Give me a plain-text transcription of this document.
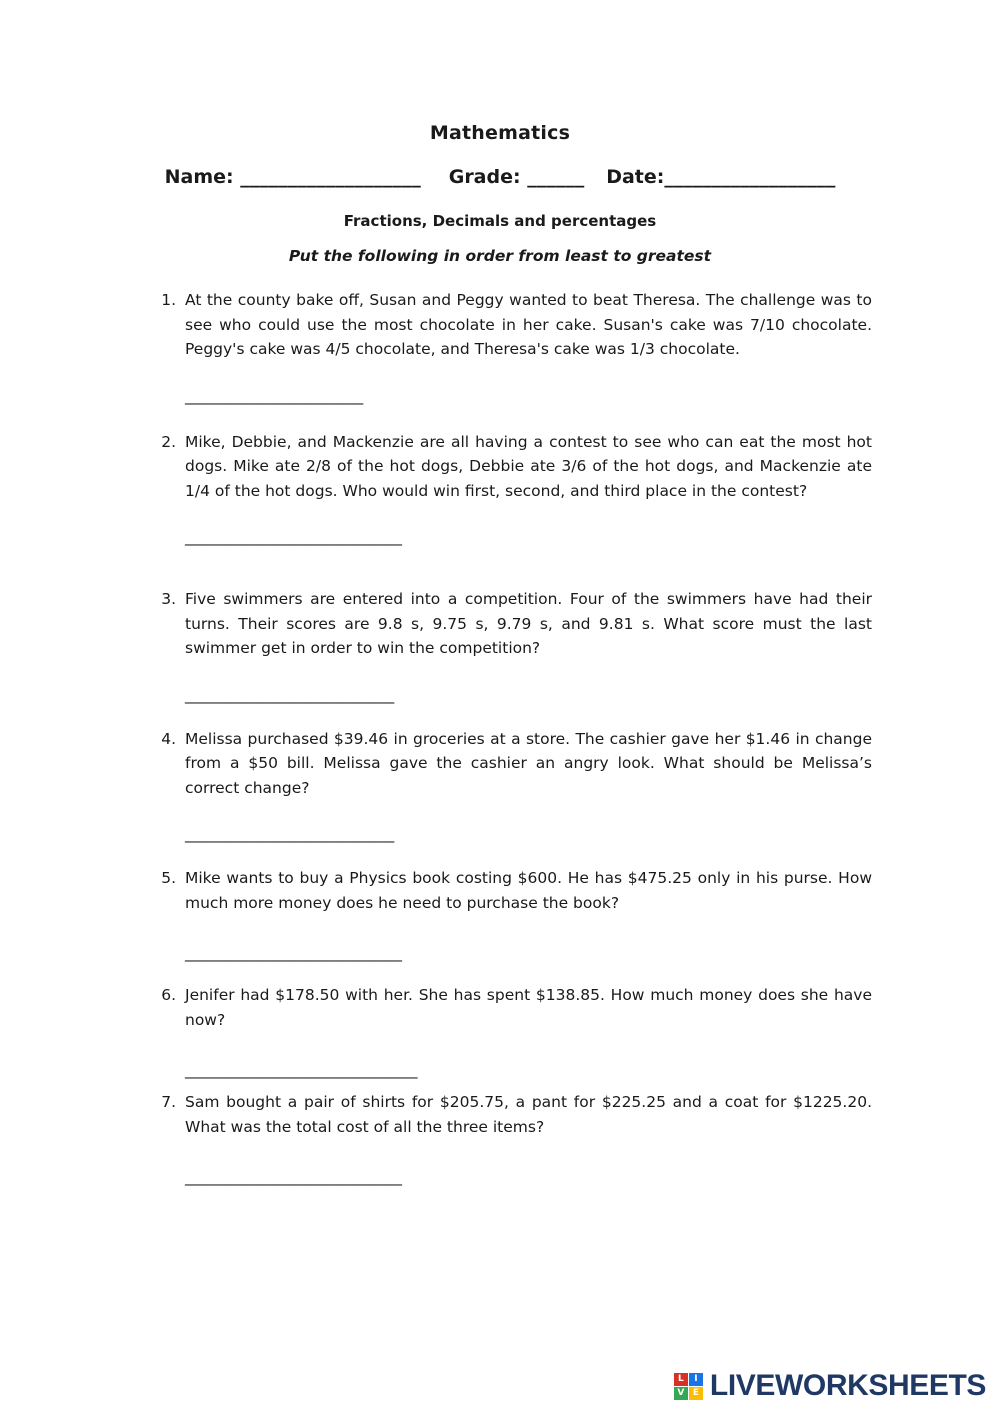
Mathematics
Name: ___________________ Grade: ______ Date:__________________
Fractions, Decimals and percentages
Put the following in order from least to greatest
1. At the county bake off, Susan and Peggy wanted to beat Theresa. The challenge was to see who could use the most chocolate in her cake. Susan's cake was 7/10 chocolate. Peggy's cake was 4/5 chocolate, and Theresa's cake was 1/3 chocolate.
_______________________
2. Mike, Debbie, and Mackenzie are all having a contest to see who can eat the most hot dogs. Mike ate 2/8 of the hot dogs, Debbie ate 3/6 of the hot dogs, and Mackenzie ate 1/4 of the hot dogs. Who would win first, second, and third place in the contest?
____________________________
3. Five swimmers are entered into a competition. Four of the swimmers have had their turns. Their scores are 9.8 s, 9.75 s, 9.79 s, and 9.81 s. What score must the last swimmer get in order to win the competition?
___________________________
4. Melissa purchased $39.46 in groceries at a store. The cashier gave her $1.46 in change from a $50 bill. Melissa gave the cashier an angry look. What should be Melissa’s correct change?
___________________________
5. Mike wants to buy a Physics book costing $600. He has $475.25 only in his purse. How much more money does he need to purchase the book?
____________________________
6. Jenifer had $178.50 with her. She has spent $138.85. How much money does she have now?
______________________________
7. Sam bought a pair of shirts for $205.75, a pant for $225.25 and a coat for $1225.20. What was the total cost of all the three items?
____________________________
L	I
V E LIVEWORKSHEETS
